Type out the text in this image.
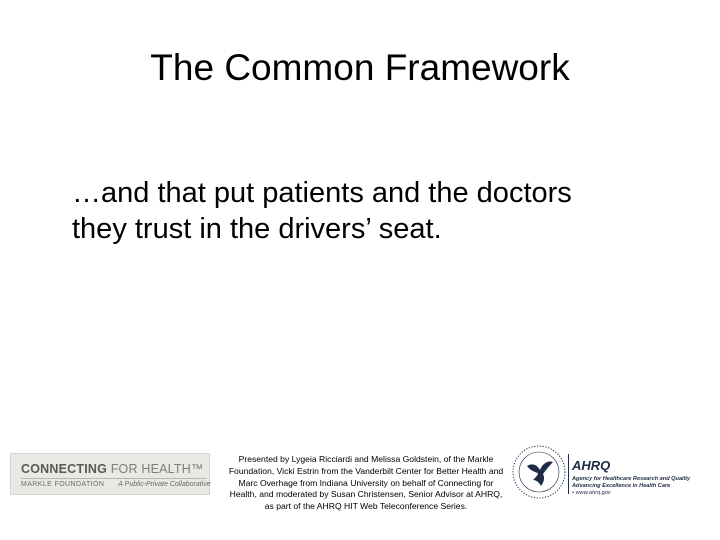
The Common Framework
…and that put patients and the doctors
they trust in the drivers’ seat.
CONNECTING FOR HEALTH™
MARKLE FOUNDATION A Public-Private Collaborative
Presented by Lygeia Ricciardi and Melissa Goldstein, of the Markle Foundation, Vicki Estrin from the Vanderbilt Center for Better Health and Marc Overhage from Indiana University on behalf of Connecting for Health, and moderated by Susan Christensen, Senior Advisor at AHRQ, as part of the AHRQ HIT Web Teleconference Series.
AHRQ
Agency for Healthcare Research and Quality
Advancing Excellence in Health Care
• www.ahrq.gov
